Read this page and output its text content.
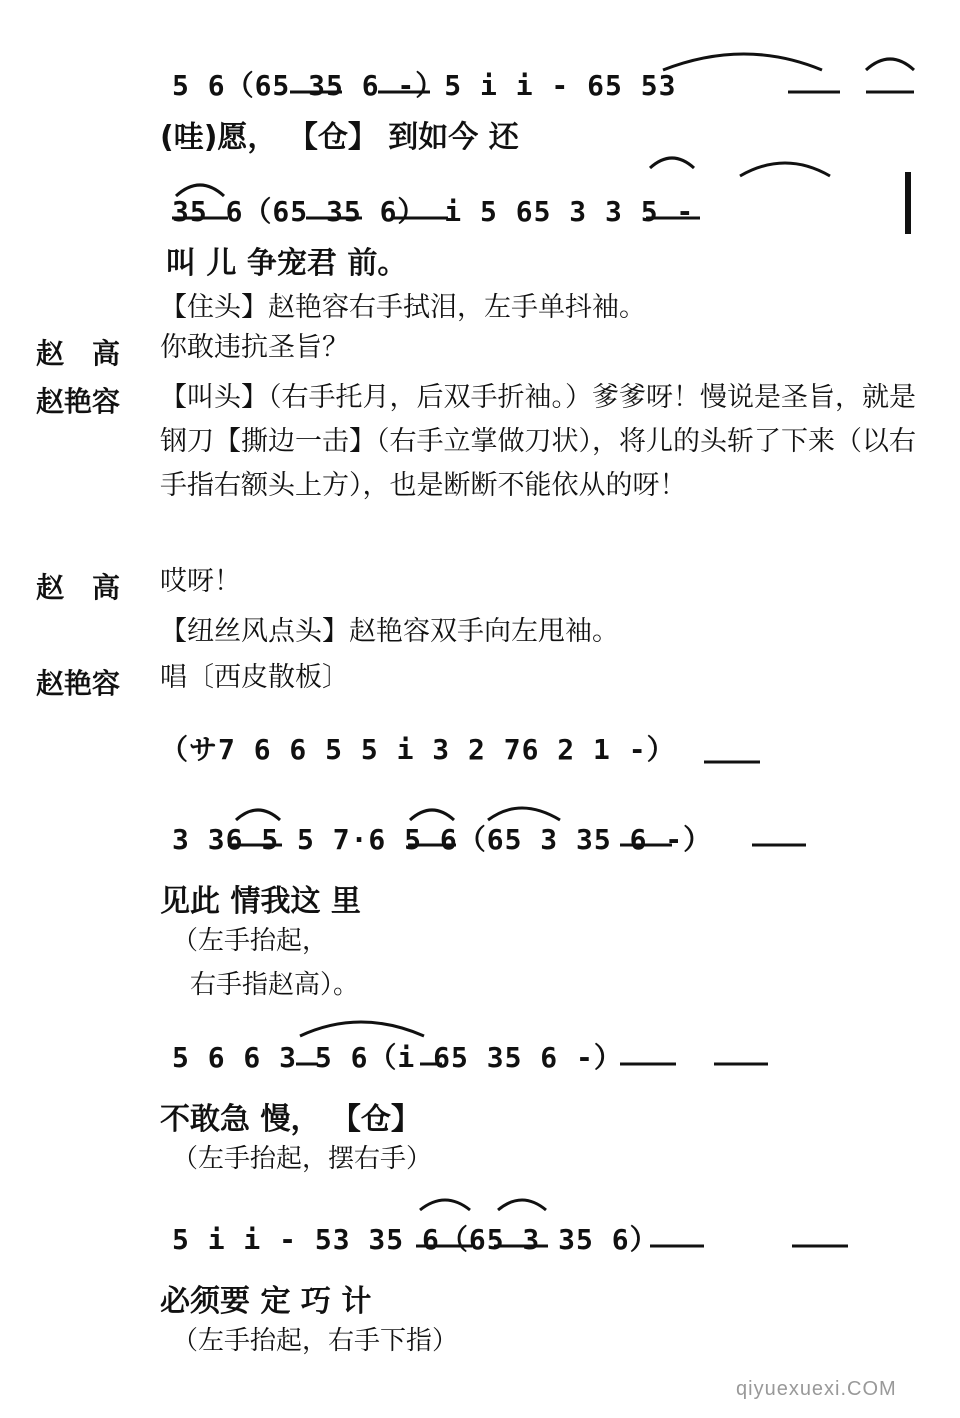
5 6（65 35 6 -）5 i i - 65 53
(哇)愿， 【仓】 到如今 还
35 6（65 35 6） i 5 65 3 3 5 -
叫 儿 争宠君 前。
【住头】赵艳容右手拭泪，左手单抖袖。
赵　高 你敢违抗圣旨？
赵艳容 【叫头】（右手托月，后双手折袖。）爹爹呀！慢说是圣旨，就是钢刀【撕边一击】（右手立掌做刀状），将儿的头斩了下来（以右手指右额头上方），也是断断不能依从的呀！
赵　高 哎呀！
【纽丝风点头】赵艳容双手向左甩袖。
赵艳容 唱〔西皮散板〕
（サ7 6 6 5 5 i 3 2 76 2 1 -）
3 36 5 5 7·6 5 6（65 3 35 6 -）
见此 情我这 里
（左手抬起，
右手指赵高）。
5 6 6 3 5 6（i 65 35 6 -）
不敢急 慢， 【仓】
（左手抬起，摆右手）
5 i i - 53 35 6（65 3 35 6）
必须要 定 巧 计
（左手抬起，右手下指）
qiyuexuexi.COM
